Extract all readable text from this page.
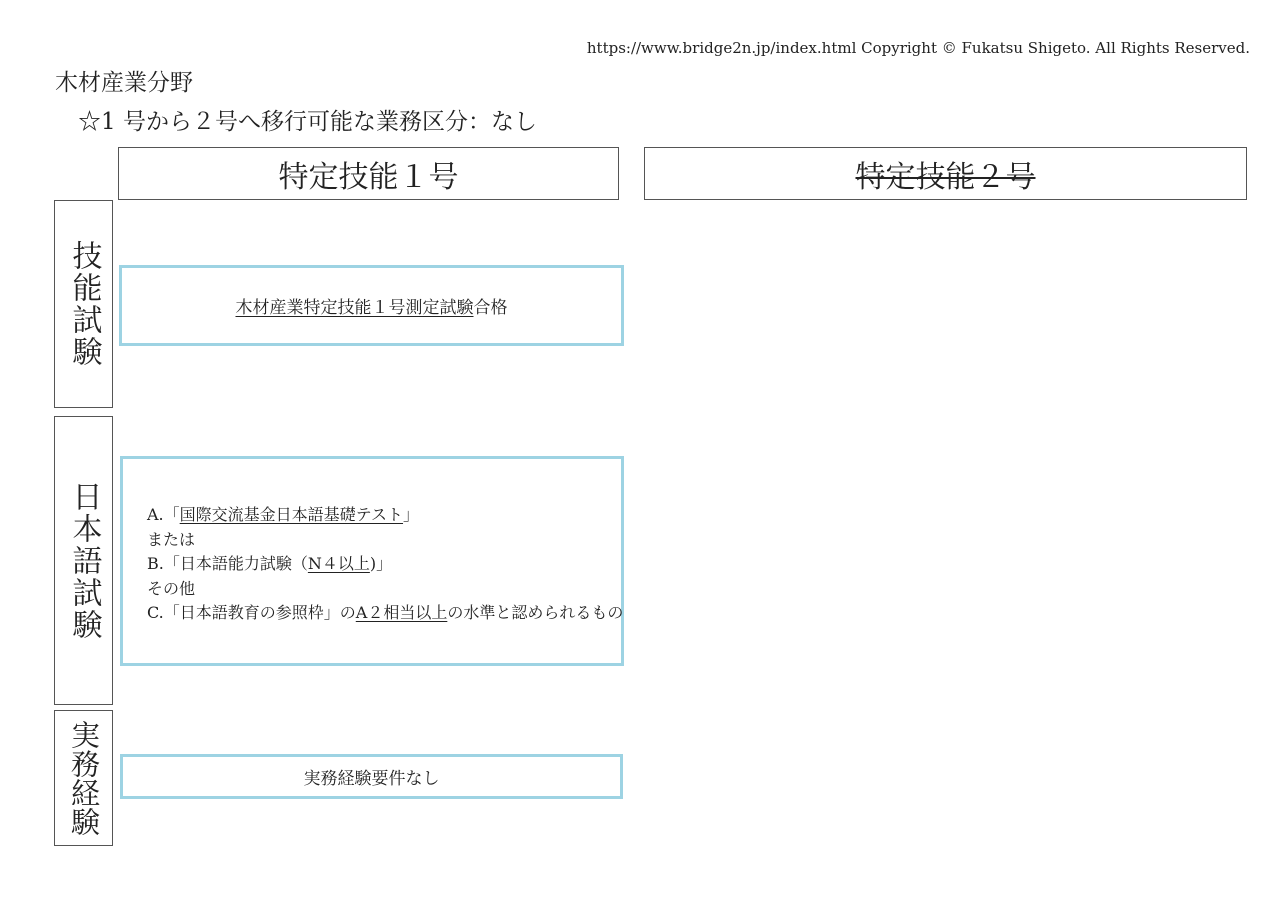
https://www.bridge2n.jp/index.html Copyright © Fukatsu Shigeto. All Rights Reserved.
木材産業分野
☆1 号から２号へ移行可能な業務区分：なし
特定技能１号	特定技能２号
技能試験
日本語試験
実務経験
木材産業特定技能１号測定試験合格
A.「国際交流基金日本語基礎テスト」
または
B.「日本語能力試験（N４以上)」
その他
C.「日本語教育の参照枠」のA２相当以上の水準と認められるもの
実務経験要件なし
